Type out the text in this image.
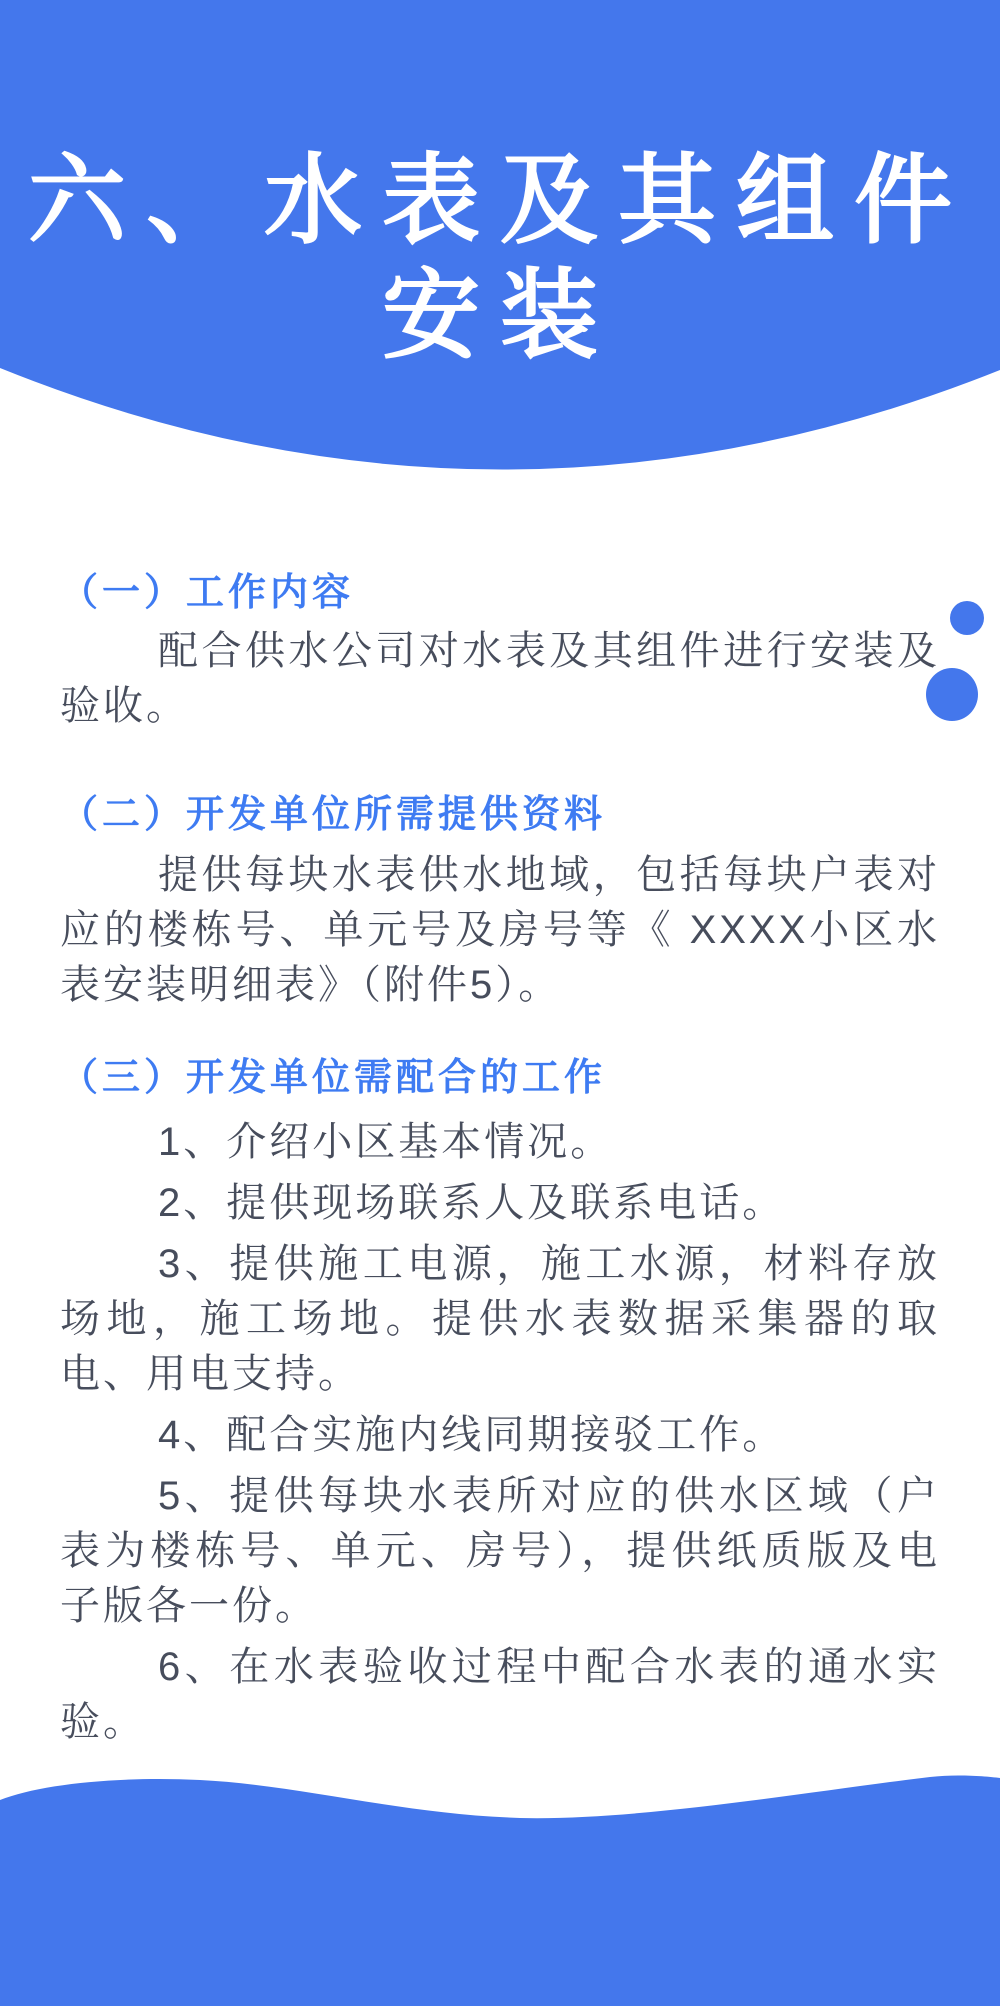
六、水表及其组件
安装
（一）工作内容

配合供水公司对水表及其组件进行安装及验收。

（二）开发单位所需提供资料

提供每块水表供水地域，包括每块户表对应的楼栋号、单元号及房号等《 XXXX小区水表安装明细表》（附件5）。

（三）开发单位需配合的工作

1、介绍小区基本情况。

2、提供现场联系人及联系电话。

3、提供施工电源，施工水源，材料存放场地，施工场地。提供水表数据采集器的取电、用电支持。

4、配合实施内线同期接驳工作。

5、提供每块水表所对应的供水区域（户表为楼栋号、单元、房号），提供纸质版及电子版各一份。

6、在水表验收过程中配合水表的通水实验。
